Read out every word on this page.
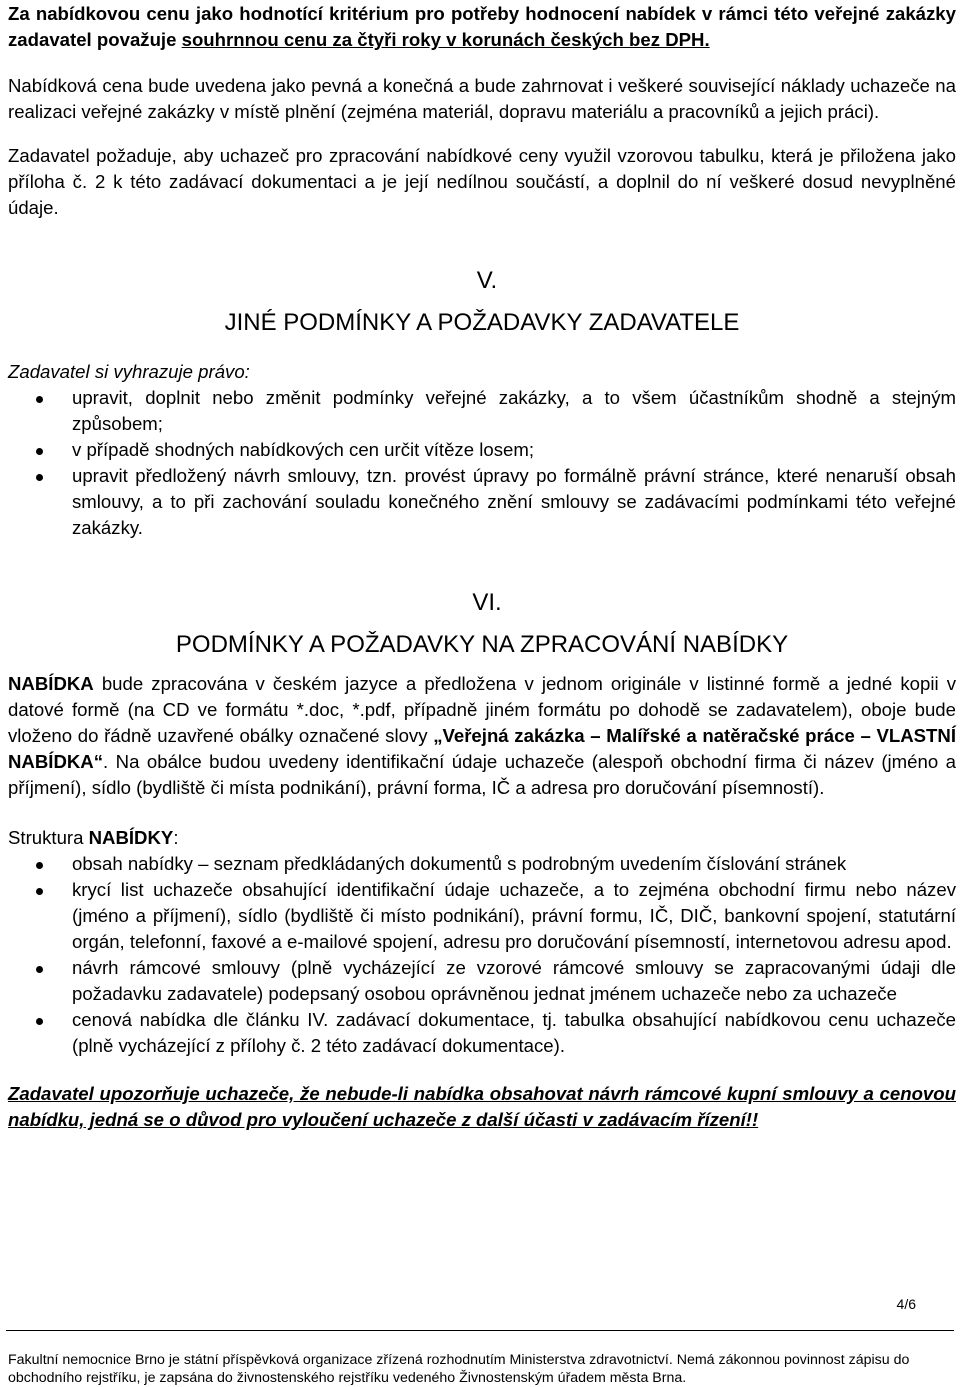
Za nabídkovou cenu jako hodnotící kritérium pro potřeby hodnocení nabídek v rámci této veřejné zakázky zadavatel považuje souhrnnou cenu za čtyři roky v korunách českých bez DPH.

Nabídková cena bude uvedena jako pevná a konečná a bude zahrnovat i veškeré související náklady uchazeče na realizaci veřejné zakázky v místě plnění (zejména materiál, dopravu materiálu a pracovníků a jejich práci).

Zadavatel požaduje, aby uchazeč pro zpracování nabídkové ceny využil vzorovou tabulku, která je přiložena jako příloha č. 2 k této zadávací dokumentaci a je její nedílnou součástí, a doplnil do ní veškeré dosud nevyplněné údaje.

V.
JINÉ PODMÍNKY A POŽADAVKY ZADAVATELE
Zadavatel si vyhrazuje právo:
upravit, doplnit nebo změnit podmínky veřejné zakázky, a to všem účastníkům shodně a stejným způsobem;
v případě shodných nabídkových cen určit vítěze losem;
upravit předložený návrh smlouvy, tzn. provést úpravy po formálně právní stránce, které nenaruší obsah smlouvy, a to při zachování souladu konečného znění smlouvy se zadávacími podmínkami této veřejné zakázky.
VI.
PODMÍNKY A POŽADAVKY NA ZPRACOVÁNÍ NABÍDKY

NABÍDKA bude zpracována v českém jazyce a předložena v jednom originále v listinné formě a jedné kopii v datové formě (na CD ve formátu *.doc, *.pdf, případně jiném formátu po dohodě se zadavatelem), oboje bude vloženo do řádně uzavřené obálky označené slovy „Veřejná zakázka – Malířské a natěračské práce – VLASTNÍ NABÍDKA“. Na obálce budou uvedeny identifikační údaje uchazeče (alespoň obchodní firma či název (jméno a příjmení), sídlo (bydliště či místa podnikání), právní forma, IČ a adresa pro doručování písemností).

Struktura NABÍDKY:

obsah nabídky – seznam předkládaných dokumentů s podrobným uvedením číslování stránek
krycí list uchazeče obsahující identifikační údaje uchazeče, a to zejména obchodní firmu nebo název (jméno a příjmení), sídlo (bydliště či místo podnikání), právní formu, IČ, DIČ, bankovní spojení, statutární orgán, telefonní, faxové a e-mailové spojení, adresu pro doručování písemností, internetovou adresu apod.
návrh rámcové smlouvy (plně vycházející ze vzorové rámcové smlouvy se zapracovanými údaji dle požadavku zadavatele) podepsaný osobou oprávněnou jednat jménem uchazeče nebo za uchazeče
cenová nabídka dle článku IV. zadávací dokumentace, tj. tabulka obsahující nabídkovou cenu uchazeče (plně vycházející z přílohy č. 2 této zadávací dokumentace).

Zadavatel upozorňuje uchazeče, že nebude-li nabídka obsahovat návrh rámcové kupní smlouvy a cenovou nabídku, jedná se o důvod pro vyloučení uchazeče z další účasti v zadávacím řízení!!

4/6
Fakultní nemocnice Brno je státní příspěvková organizace zřízená rozhodnutím Ministerstva zdravotnictví. Nemá zákonnou povinnost zápisu do obchodního rejstříku, je zapsána do živnostenského rejstříku vedeného Živnostenským úřadem města Brna.
